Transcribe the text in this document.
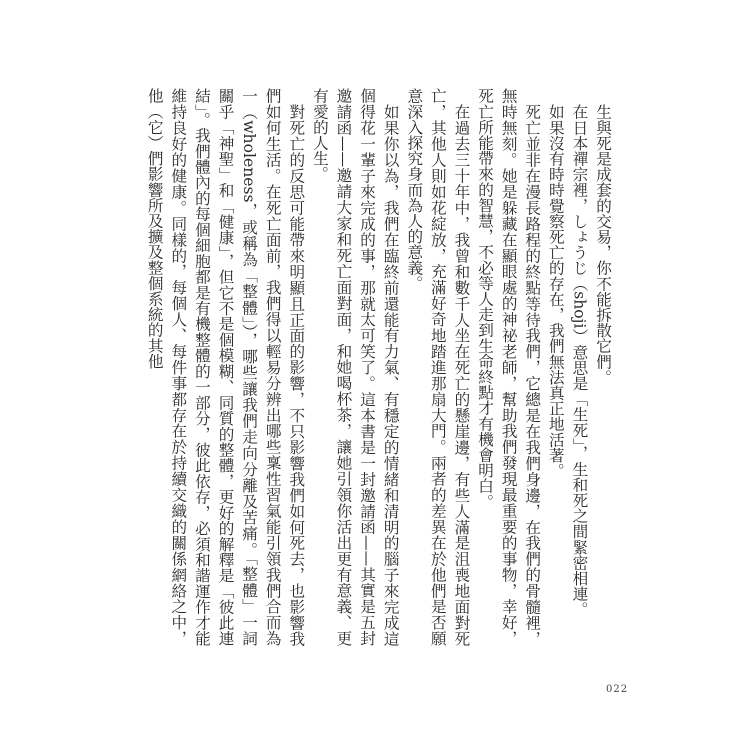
生與死是成套的交易，你不能拆散它們。

在日本禪宗裡，しょうじ（shoji）意思是「生死」，生和死之間緊密相連。

如果沒有時時覺察死亡的存在，我們無法真正地活著。

死亡並非在漫長路程的終點等待我們，它總是在我們身邊，在我們的骨髓裡，無時無刻。她是躲藏在顯眼處的神祕老師，幫助我們發現最重要的事物，幸好，死亡所能帶來的智慧，不必等人走到生命終點才有機會明白。

在過去三十年中，我曾和數千人坐在死亡的懸崖邊，有些人滿是沮喪地面對死亡，其他人則如花綻放，充滿好奇地踏進那扇大門。兩者的差異在於他們是否願意深入探究身而為人的意義。

如果你以為，我們在臨終前還能有力氣、有穩定的情緒和清明的腦子來完成這個得花一輩子來完成的事，那就太可笑了。這本書是一封邀請函——其實是五封邀請函——邀請大家和死亡面對面，和她喝杯茶，讓她引領你活出更有意義、更有愛的人生。

對死亡的反思可能帶來明顯且正面的影響，不只影響我們如何死去，也影響我們如何生活。在死亡面前，我們得以輕易分辨出哪些稟性習氣能引領我們合而為一（wholeness，或稱為「整體」），哪些讓我們走向分離及苦痛。「整體」一詞關乎「神聖」和「健康」，但它不是個模糊、同質的整體，更好的解釋是「彼此連結」。我們體內的每個細胞都是有機整體的一部分，彼此依存，必須和諧運作才能維持良好的健康。同樣的，每個人、每件事都存在於持續交織的關係網絡之中，他（它）們影響所及擴及整個系統的其他

022
